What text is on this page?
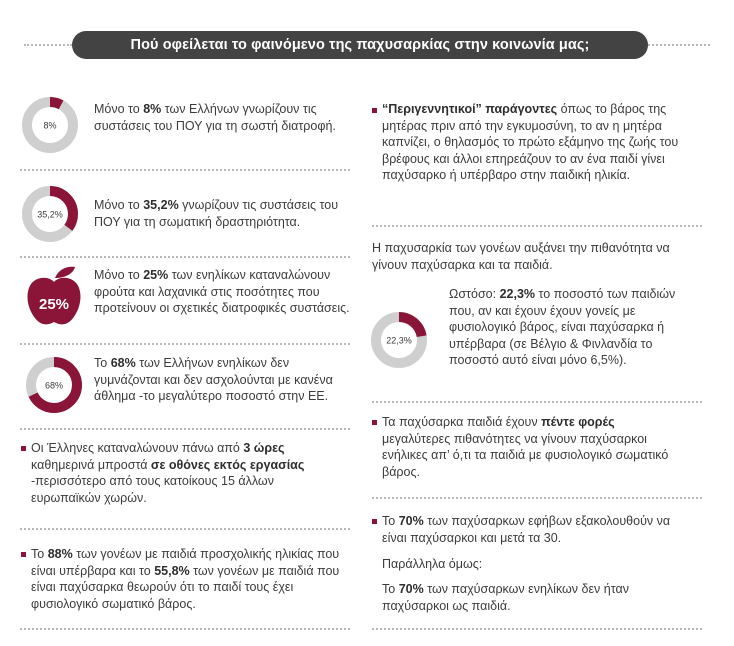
Πού οφείλεται το φαινόμενο της παχυσαρκίας στην κοινωνία μας;
8%
Μόνο το 8% των Ελλήνων γνωρίζουν τις συστάσεις του ΠΟΥ για τη σωστή διατροφή.
35,2%
Μόνο το 35,2% γνωρίζουν τις συστάσεις του ΠΟΥ για τη σωματική δραστηριότητα.
25%
Μόνο το 25% των ενηλίκων καταναλώνουν φρούτα και λαχανικά στις ποσότητες που προτείνουν οι σχετικές διατροφικές συστάσεις.
68%
Το 68% των Ελλήνων ενηλίκων δεν γυμνάζονται και δεν ασχολούνται με κανένα άθλημα -το μεγαλύτερο ποσοστό στην ΕΕ.
Οι Έλληνες καταναλώνουν πάνω από 3 ώρες καθημερινά μπροστά σε οθόνες εκτός εργασίας -περισσότερο από τους κατοίκους 15 άλλων ευρωπαϊκών χωρών.
Το 88% των γονέων με παιδιά προσχολικής ηλικίας που είναι υπέρβαρα και το 55,8% των γονέων με παιδιά που είναι παχύσαρκα θεωρούν ότι το παιδί τους έχει φυσιολογικό σωματικό βάρος.
“Περιγεννητικοί” παράγοντες όπως το βάρος της μητέρας πριν από την εγκυμοσύνη, το αν η μητέρα καπνίζει, ο θηλασμός το πρώτο εξάμηνο της ζωής του βρέφους και άλλοι επηρεάζουν το αν ένα παιδί γίνει παχύσαρκο ή υπέρβαρο στην παιδική ηλικία.
Η παχυσαρκία των γονέων αυξάνει την πιθανότητα να γίνουν παχύσαρκα και τα παιδιά.
22,3%
Ωστόσο: 22,3% το ποσοστό των παιδιών που, αν και έχουν έχουν γονείς με φυσιολογικό βάρος, είναι παχύσαρκα ή υπέρβαρα (σε Βέλγιο & Φινλανδία το ποσοστό αυτό είναι μόνο 6,5%).
Τα παχύσαρκα παιδιά έχουν πέντε φορές μεγαλύτερες πιθανότητες να γίνουν παχύσαρκοι ενήλικες απ’ ό,τι τα παιδιά με φυσιολογικό σωματικό βάρος.
Το 70% των παχύσαρκων εφήβων εξακολουθούν να είναι παχύσαρκοι και μετά τα 30.
Παράλληλα όμως:
Το 70% των παχύσαρκων ενηλίκων δεν ήταν παχύσαρκοι ως παιδιά.
